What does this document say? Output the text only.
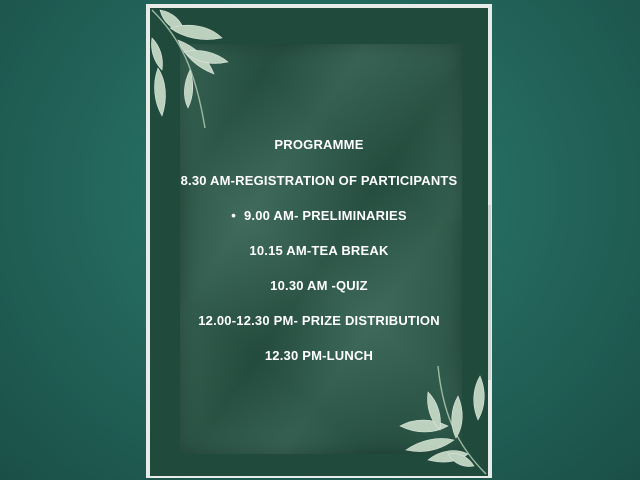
PROGRAMME
8.30 AM-REGISTRATION OF PARTICIPANTS
• 9.00 AM- PRELIMINARIES
10.15 AM-TEA BREAK
10.30 AM -QUIZ
12.00-12.30 PM- PRIZE DISTRIBUTION
12.30 PM-LUNCH
